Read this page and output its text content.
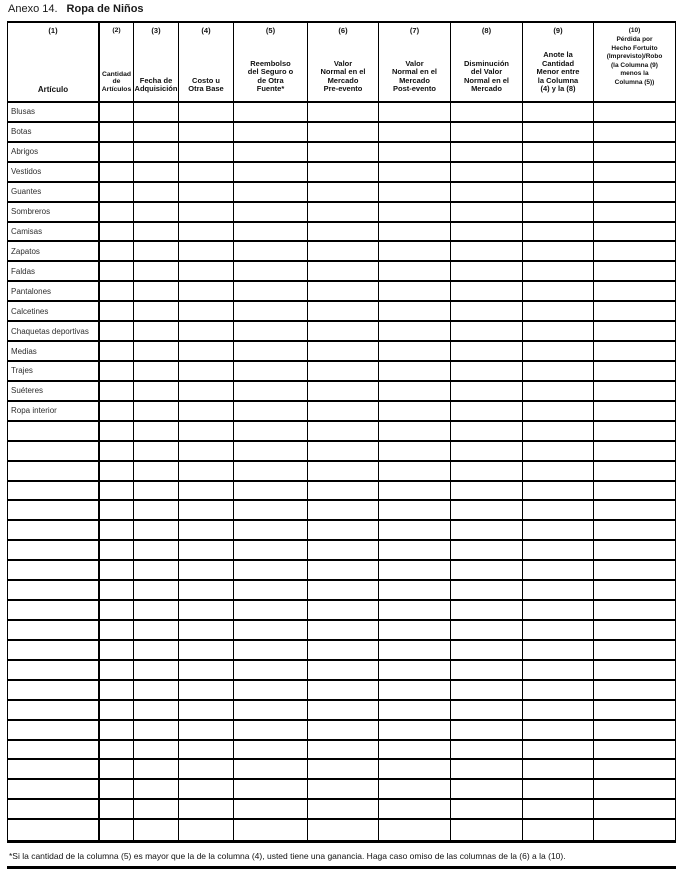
Anexo 14. Ropa de Niños
(1)
Artículo
(2)
Cantidad
de
Artículos
(3)
Fecha de
Adquisición
(4)
Costo u
Otra Base
(5)
Reembolso
del Seguro o
de Otra
Fuente*
(6)
Valor
Normal en el
Mercado
Pre-evento
(7)
Valor
Normal en el
Mercado
Post-evento
(8)
Disminución
del Valor
Normal en el
Mercado
(9)
Anote la
Cantidad
Menor entre
la Columna
(4) y la (8)
(10)
Pérdida por
Hecho Fortuito
(Imprevisto)/Robo
(la Columna (9)
menos la
Columna (5))
Blusas
Botas
Abrigos
Vestidos
Guantes
Sombreros
Camisas
Zapatos
Faldas
Pantalones
Calcetines
Chaquetas deportivas
Medias
Trajes
Suéteres
Ropa interior
*Si la cantidad de la columna (5) es mayor que la de la columna (4), usted tiene una ganancia. Haga caso omiso de las columnas de la (6) a la (10).
